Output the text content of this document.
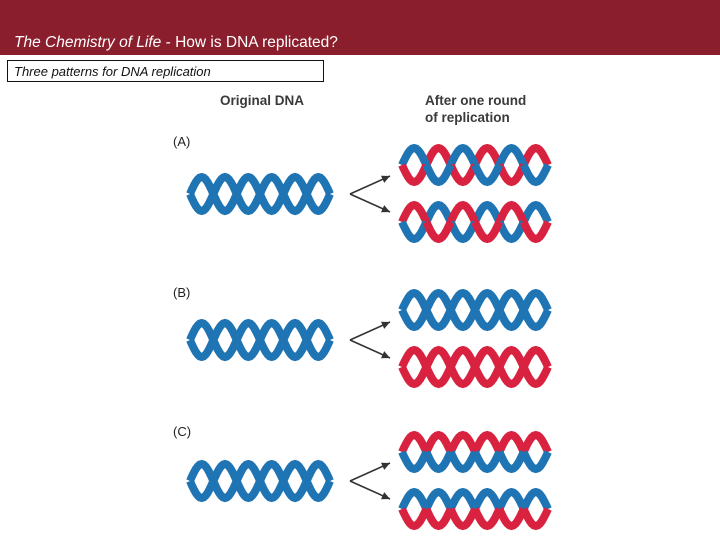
The Chemistry of Life - How is DNA replicated?
Three patterns for DNA replication
Original DNA	After one round
of replication
(A)
(B)
(C)
